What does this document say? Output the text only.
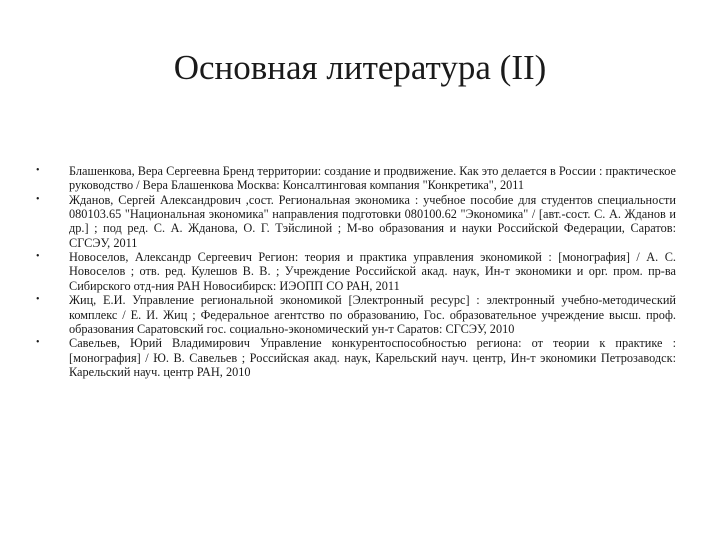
Основная литература (II)
• Блашенкова, Вера Сергеевна Бренд территории: создание и продвижение. Как это делается в России : практическое руководство / Вера Блашенкова Москва: Консалтинговая компания "Конкретика", 2011
• Жданов, Сергей Александрович ,сост. Региональная экономика : учебное пособие для студентов специальности 080103.65 "Национальная экономика" направления подготовки 080100.62 "Экономика" / [авт.-сост. С. А. Жданов и др.] ; под ред. С. А. Жданова, О. Г. Тэйслиной ; М-во образования и науки Российской Федерации, Саратов: СГСЭУ, 2011
• Новоселов, Александр Сергеевич Регион: теория и практика управления экономикой : [монография] / А. С. Новоселов ; отв. ред. Кулешов В. В. ; Учреждение Российской акад. наук, Ин-т экономики и орг. пром. пр-ва Сибирского отд-ния РАН Новосибирск: ИЭОПП СО РАН, 2011
• Жиц, Е.И. Управление региональной экономикой [Электронный ресурс] : электронный учебно-методический комплекс / Е. И. Жиц ; Федеральное агентство по образованию, Гос. образовательное учреждение высш. проф. образования Саратовский гос. социально-экономический ун-т Саратов: СГСЭУ, 2010
• Савельев, Юрий Владимирович Управление конкурентоспособностью региона: от теории к практике : [монография] / Ю. В. Савельев ; Российская акад. наук, Карельский науч. центр, Ин-т экономики Петрозаводск: Карельский науч. центр РАН, 2010
